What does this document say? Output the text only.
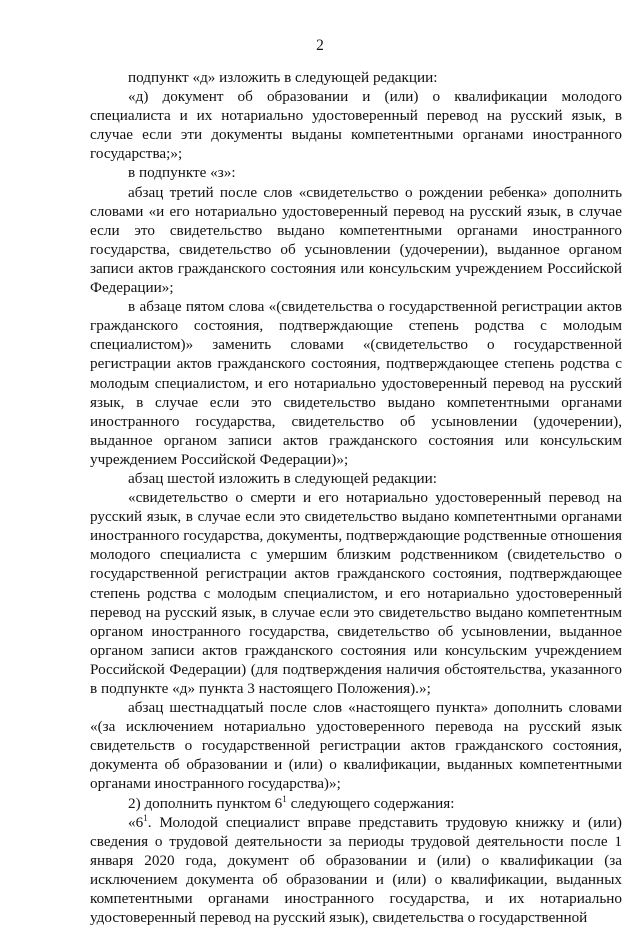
2

подпункт «д» изложить в следующей редакции:

«д) документ об образовании и (или) о квалификации молодого специалиста и их нотариально удостоверенный перевод на русский язык, в случае если эти документы выданы компетентными органами иностранного государства;»;

в подпункте «з»:

абзац третий после слов «свидетельство о рождении ребенка» дополнить словами «и его нотариально удостоверенный перевод на русский язык, в случае если это свидетельство выдано компетентными органами иностранного государства, свидетельство об усыновлении (удочерении), выданное органом записи актов гражданского состояния или консульским учреждением Российской Федерации»;

в абзаце пятом слова «(свидетельства о государственной регистрации актов гражданского состояния, подтверждающие степень родства с молодым специалистом)» заменить словами «(свидетельство о государственной регистрации актов гражданского состояния, подтверждающее степень родства с молодым специалистом, и его нотариально удостоверенный перевод на русский язык, в случае если это свидетельство выдано компетентными органами иностранного государства, свидетельство об усыновлении (удочерении), выданное органом записи актов гражданского состояния или консульским учреждением Российской Федерации)»;

абзац шестой изложить в следующей редакции:

«свидетельство о смерти и его нотариально удостоверенный перевод на русский язык, в случае если это свидетельство выдано компетентными органами иностранного государства, документы, подтверждающие родственные отношения молодого специалиста с умершим близким родственником (свидетельство о государственной регистрации актов гражданского состояния, подтверждающее степень родства с молодым специалистом, и его нотариально удостоверенный перевод на русский язык, в случае если это свидетельство выдано компетентным органом иностранного государства, свидетельство об усыновлении, выданное органом записи актов гражданского состояния или консульским учреждением Российской Федерации) (для подтверждения наличия обстоятельства, указанного в подпункте «д» пункта 3 настоящего Положения).»;

абзац шестнадцатый после слов «настоящего пункта» дополнить словами «(за исключением нотариально удостоверенного перевода на русский язык свидетельств о государственной регистрации актов гражданского состояния, документа об образовании и (или) о квалификации, выданных компетентными органами иностранного государства)»;

2) дополнить пунктом $6^1$ следующего содержания:

«$6^1$. Молодой специалист вправе представить трудовую книжку и (или) сведения о трудовой деятельности за периоды трудовой деятельности после 1 января 2020 года, документ об образовании и (или) о квалификации (за исключением документа об образовании и (или) о квалификации, выданных компетентными органами иностранного государства, и их нотариально удостоверенный перевод на русский язык), свидетельства о государственной
